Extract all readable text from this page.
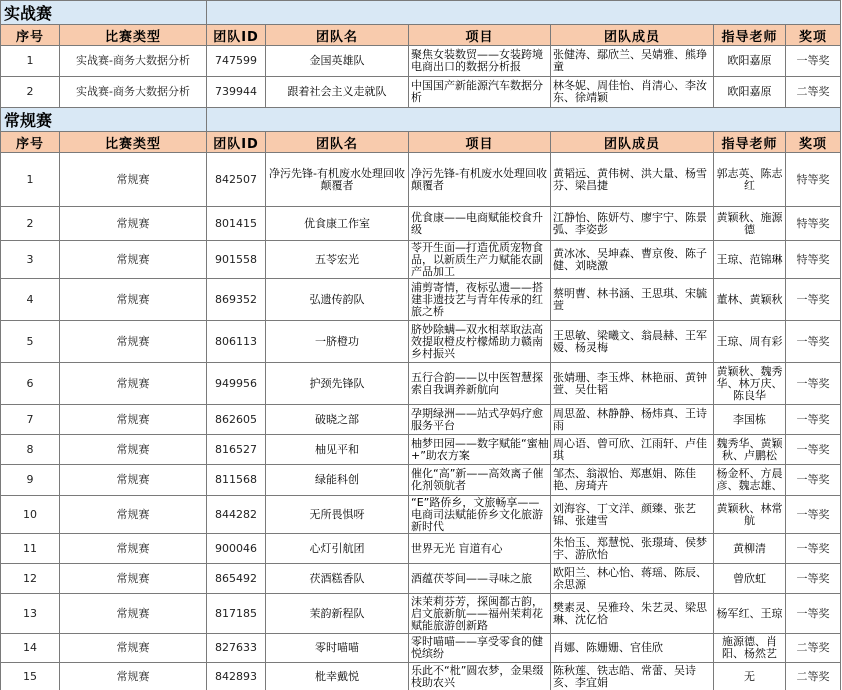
实战赛							
序号	比赛类型	团队ID	团队名	项目	团队成员	指导老师	奖项
1	实战赛-商务大数据分析	747599	金国英雄队	聚焦女装数贸——女装跨境电商出口的数据分析报	张健涛、鄢欣兰、吴婧雅、熊琤童	欧阳嘉原	一等奖
2	实战赛-商务大数据分析	739944	跟着社会主义走就队	中国国产新能源汽车数据分析	林冬妮、周佳怡、肖清心、李汝东、徐靖颖	欧阳嘉原	二等奖
常规赛							
序号	比赛类型	团队ID	团队名	项目	团队成员	指导老师	奖项
1	常规赛	842507	净污先锋-有机废水处理回收颠覆者	净污先锋-有机废水处理回收颠覆者	黄韬远、黄伟树、洪大量、杨雪芬、梁昌捷	郭志英、陈志红	特等奖
2	常规赛	801415	优食康工作室	优食康——电商赋能校食升级	江静怡、陈妍芍、廖宇宁、陈景弧、李姿彭	黄颖秋、施源德	特等奖
3	常规赛	901558	五苓宏光	苓开生面—打造优质宠物食品，以新质生产力赋能农副产品加工	黄冰冰、吴坤森、曹京俊、陈子健、刘晓激	王琼、范锦琳	特等奖
4	常规赛	869352	弘遗传韵队	浦剪寄情，夜标弘遗——搭建非遗技艺与青年传承的红旅之桥	蔡明曹、林书涵、王思琪、宋毓萱	董林、黄颖秋	一等奖
5	常规赛	806113	一脐橙功	脐妙除螨—双水相萃取法高效提取橙皮柠檬烯助力赣南乡村振兴	王思敏、梁曦文、翁晨赫、王军嫒、杨灵梅	王琼、周有彩	一等奖
6	常规赛	949956	护颈先锋队	五行合韵——以中医智慧探索自我调养新航向	张婧珊、李玉烨、林艳丽、黄钟萱、吴仕韬	黄颖秋、魏秀华、林万庆、陈良华	一等奖
7	常规赛	862605	破晓之部	孕期绿洲——站式孕妈疗愈服务平台	周思盈、林静静、杨炜真、王诗雨	李国栋	一等奖
8	常规赛	816527	柚见平和	柚梦田园——数字赋能“蜜柚+”助农方案	周心语、曾可欣、江雨轩、卢佳琪	魏秀华、黄颖秋、卢鹏松	一等奖
9	常规赛	811568	绿能科创	催化“高”新——高效离子催化剂领航者	邹杰、翁淑怡、郑惠娟、陈佳艳、房琦卉	杨金杯、方晨彦、魏志雄、	一等奖
10	常规赛	844282	无所畏惧呀	“E”路侨乡，文旅畅享——电商司法赋能侨乡文化旅游新时代	刘海容、丁文洋、颜臻、张艺锦、张建雪	黄颖秋、林常航	一等奖
11	常规赛	900046	心灯引航团	世界无光 盲道有心	朱怡玉、郑慧悦、张璟琦、侯梦宇、游欣怡	黄柳清	一等奖
12	常规赛	865492	茯酒糕香队	酒蕴茯苓间——寻味之旅	欧阳兰、林心怡、蒋瑶、陈辰、余思源	曾欣虹	一等奖
13	常规赛	817185	茉韵新程队	沫茉莉芬芳，探闽都古韵，启文旅新航——福州茉莉花赋能旅游创新路	樊素灵、吴雅玲、朱艺灵、梁思琳、沈亿恰	杨军红、王琼	一等奖
14	常规赛	827633	零时喵喵	零时喵喵——享受零食的健悦缤纷	肖娜、陈姗姗、官佳欣	施源德、肖阳、杨然艺	二等奖
15	常规赛	842893	枇幸戴悦	乐此不“枇”圆农梦，金果缀枝助农兴	陈秋莲、铁志皓、常蕾、吴诗亥、李宜娟	无	二等奖
